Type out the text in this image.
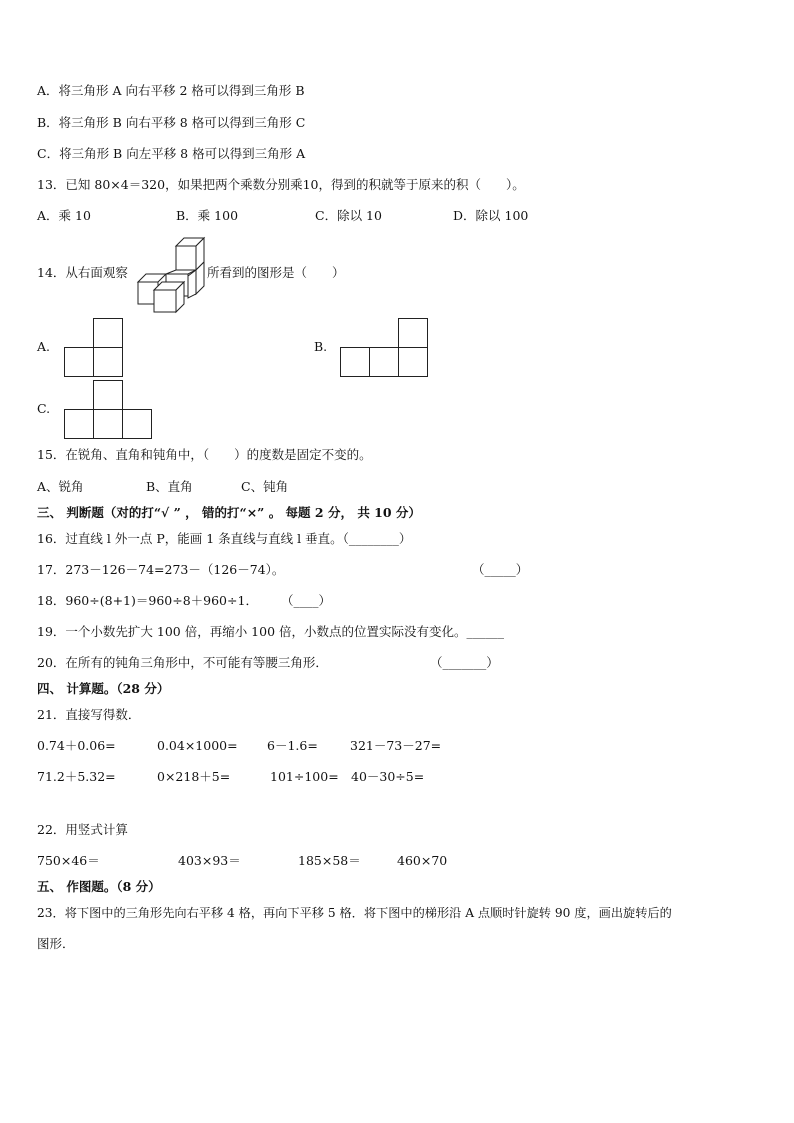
A．将三角形 A 向右平移 2 格可以得到三角形 B
B．将三角形 B 向右平移 8 格可以得到三角形 C
C．将三角形 B 向左平移 8 格可以得到三角形 A
13．已知 80×4＝320，如果把两个乘数分别乘10，得到的积就等于原来的积（　　）。
A．乘 10	B．乘 100	C．除以 10	D．除以 100
14．从右面观察	所看到的图形是（　　）
A.	B.
C.
15．在锐角、直角和钝角中，（　　）的度数是固定不变的。
A、锐角	B、直角	C、钝角
三、 判断题（对的打“√ ” ， 错的打“×” 。 每题 2 分， 共 10 分）
16．过直线 l 外一点 P，能画 1 条直线与直线 l 垂直。（________）
17．273－126－74=273－（126－74）。	（_____）
18．960÷(8+1)＝960÷8＋960÷1． （____）
19．一个小数先扩大 100 倍，再缩小 100 倍，小数点的位置实际没有变化。______
20．在所有的钝角三角形中，不可能有等腰三角形．	（_______）
四、 计算题。（28 分）
21．直接写得数．
0.74＋0.06=	0.04×1000= 6－1.6=	321－73－27=
71.2＋5.32=	0×218＋5=	101÷100= 40－30÷5=
22．用竖式计算
750×46＝	403×93＝	185×58＝	460×70
五、 作图题。（8 分）
23．将下图中的三角形先向右平移 4 格，再向下平移 5 格．将下图中的梯形沿 A 点顺时针旋转 90 度，画出旋转后的
图形．
